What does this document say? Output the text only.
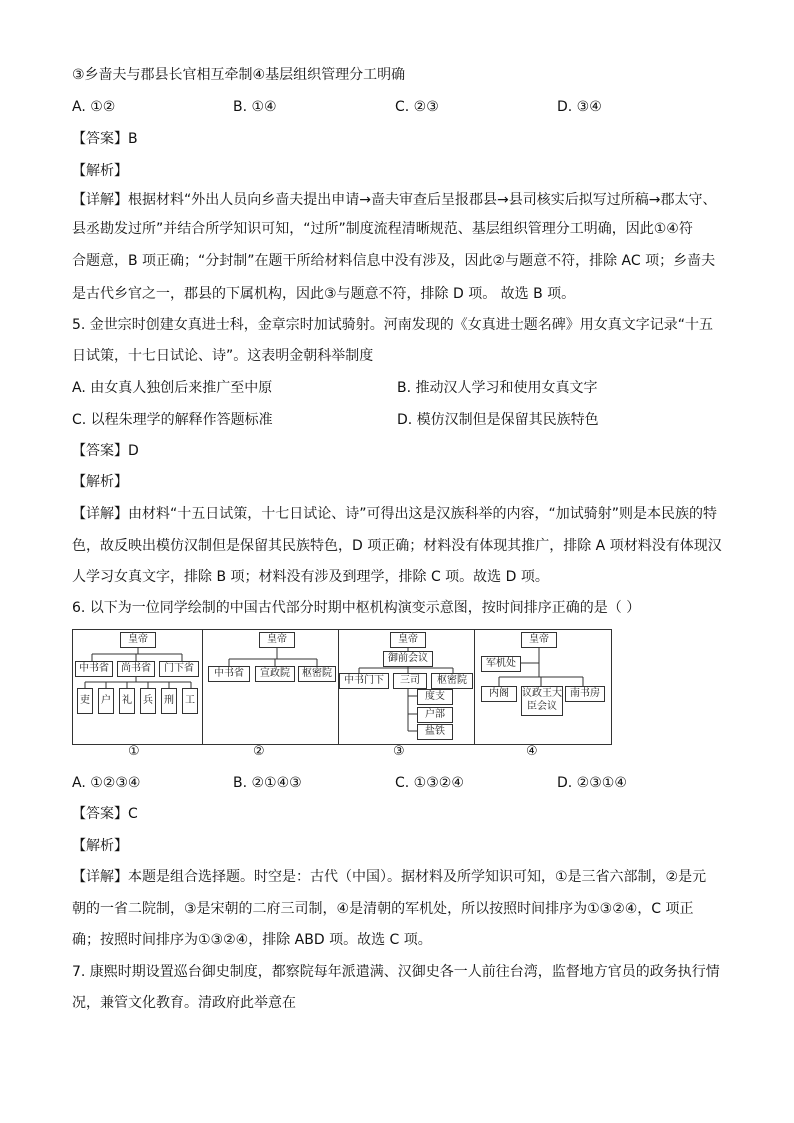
③乡啬夫与郡县长官相互牵制④基层组织管理分工明确
A. ①②	B. ①④	C. ②③	D. ③④
【答案】B
【解析】
【详解】根据材料“外出人员向乡啬夫提出申请→啬夫审查后呈报郡县→县司核实后拟写过所稿→郡太守、
县丞勘发过所”并结合所学知识可知，“过所”制度流程清晰规范、基层组织管理分工明确，因此①④符
合题意，B 项正确；“分封制”在题干所给材料信息中没有涉及，因此②与题意不符，排除 AC 项；乡啬夫
是古代乡官之一，郡县的下属机构，因此③与题意不符，排除 D 项。 故选 B 项。
5. 金世宗时创建女真进士科，金章宗时加试骑射。河南发现的《女真进士题名碑》用女真文字记录“十五
日试策，十七日试论、诗”。这表明金朝科举制度
A. 由女真人独创后来推广至中原	B. 推动汉人学习和使用女真文字
C. 以程朱理学的解释作答题标准	D. 模仿汉制但是保留其民族特色
【答案】D
【解析】
【详解】由材料“十五日试策，十七日试论、诗”可得出这是汉族科举的内容，“加试骑射”则是本民族的特
色，故反映出模仿汉制但是保留其民族特色，D 项正确；材料没有体现其推广，排除 A 项材料没有体现汉
人学习女真文字，排除 B 项；材料没有涉及到理学，排除 C 项。故选 D 项。
6. 以下为一位同学绘制的中国古代部分时期中枢机构演变示意图，按时间排序正确的是（ ）
皇帝
中书省	尚书省	门下省
吏	户	礼	兵	刑	工
皇帝
中书省	宣政院	枢密院
皇帝
御前会议
中书门下	三司	枢密院
度支
户部
盐铁
皇帝
军机处
内阁	议政王大臣会议
南书房
①	②	③	④
A. ①②③④	B. ②①④③	C. ①③②④	D. ②③①④
【答案】C
【解析】
【详解】本题是组合选择题。时空是：古代（中国）。据材料及所学知识可知，①是三省六部制，②是元
朝的一省二院制，③是宋朝的二府三司制，④是清朝的军机处，所以按照时间排序为①③②④，C 项正
确；按照时间排序为①③②④，排除 ABD 项。故选 C 项。
7. 康熙时期设置巡台御史制度，都察院每年派遣满、汉御史各一人前往台湾，监督地方官员的政务执行情
况，兼管文化教育。清政府此举意在
